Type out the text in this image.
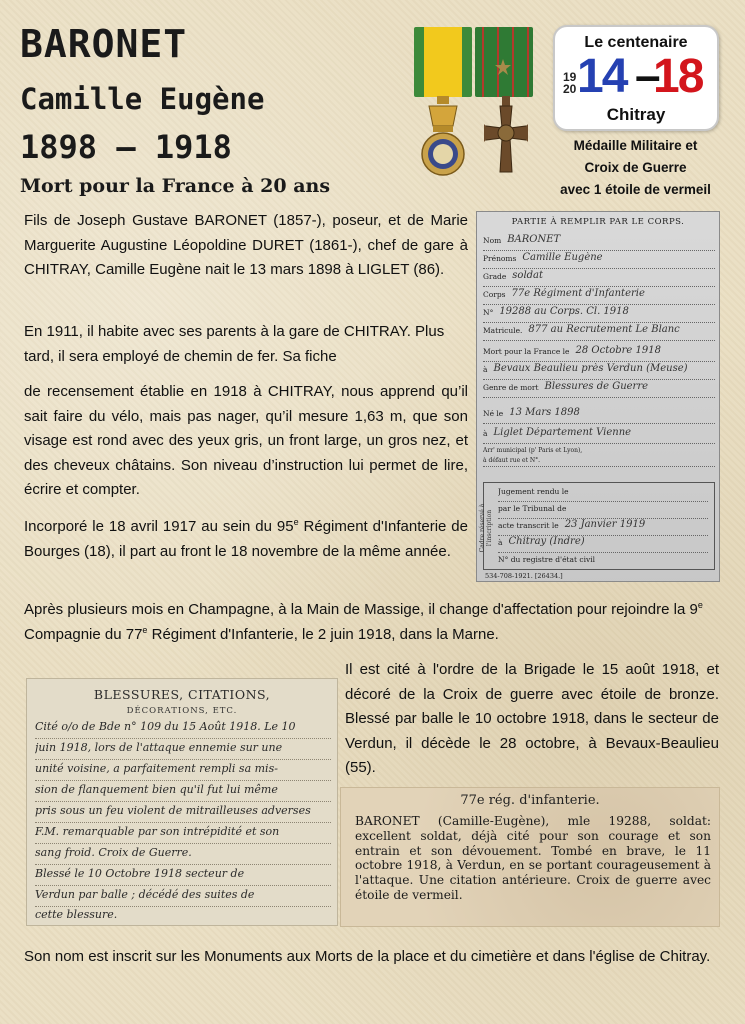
BARONET
Camille Eugène
1898 – 1918
Mort pour la France à 20 ans
Médaille Militaire et
Croix de Guerre
avec 1 étoile de vermeil
Le centenaire
19
20 14 –
18
Chitray

Fils de Joseph Gustave BARONET (1857-), poseur, et de Marie Marguerite Augustine Léopoldine DURET (1861-), chef de gare à CHITRAY, Camille Eugène nait le 13 mars 1898 à LIGLET (86).

En 1911, il habite avec ses parents à la gare de CHITRAY. Plus tard, il sera employé de chemin de fer. Sa fiche

de recensement établie en 1918 à CHITRAY, nous apprend qu’il sait faire du vélo, mais pas nager, qu’il mesure 1,63 m, que son visage est rond avec des yeux gris, un front large, un gros nez, et des cheveux châtains. Son niveau d’instruction lui permet de lire, écrire et compter.

Incorporé le 18 avril 1917 au sein du 95e Régiment d'Infanterie de Bourges (18), il part au front le 18 novembre de la même année.

Après plusieurs mois en Champagne, à la Main de Massige, il change d'affectation pour rejoindre la 9e Compagnie du 77e Régiment d'Infanterie, le 2 juin 1918, dans la Marne.

Il est cité à l'ordre de la Brigade le 15 août 1918, et décoré de la Croix de guerre avec étoile de bronze. Blessé par balle le 10 octobre 1918, dans le secteur de Verdun, il décède le 28 octobre, à Bevaux-Beaulieu (55).

Son nom est inscrit sur les Monuments aux Morts de la place et du cimetière et dans l'église de Chitray.

PARTIE À REMPLIR PAR LE CORPS.
Nom BARONET
Prénoms Camille Eugène
Grade soldat
Corps 77e Régiment d'Infanterie
N° 19288 au Corps. Cl. 1918
Matricule. 877 au Recrutement Le Blanc
Mort pour la France le 28 Octobre 1918
à Bevaux Beaulieu près Verdun (Meuse)
Genre de mort Blessures de Guerre
Né le 13 Mars 1898
à Liglet Département Vienne
Arr' municipal (p' Paris et Lyon),
à défaut rue et N°.
Cadre réservé à l'inscription
Jugement rendu le
par le Tribunal de
acte transcrit le 23 Janvier 1919
à Chitray (Indre)
N° du registre d'état civil
534-708-1921. [26434.]
BLESSURES, CITATIONS,
DÉCORATIONS, ETC.
Cité o/o de Bde n° 109 du 15 Août 1918. Le 10
juin 1918, lors de l'attaque ennemie sur une
unité voisine, a parfaitement rempli sa mis-
sion de flanquement bien qu'il fut lui même
pris sous un feu violent de mitrailleuses adverses
F.M. remarquable par son intrépidité et son
sang froid. Croix de Guerre.
Blessé le 10 Octobre 1918 secteur de
Verdun par balle ; décédé des suites de
cette blessure.
77e rég. d'infanterie.
BARONET (Camille-Eugène), mle 19288, soldat: excellent soldat, déjà cité pour son courage et son entrain et son dévouement. Tombé en brave, le 11 octobre 1918, à Verdun, en se portant courageusement à l'attaque. Une citation antérieure. Croix de guerre avec étoile de vermeil.
